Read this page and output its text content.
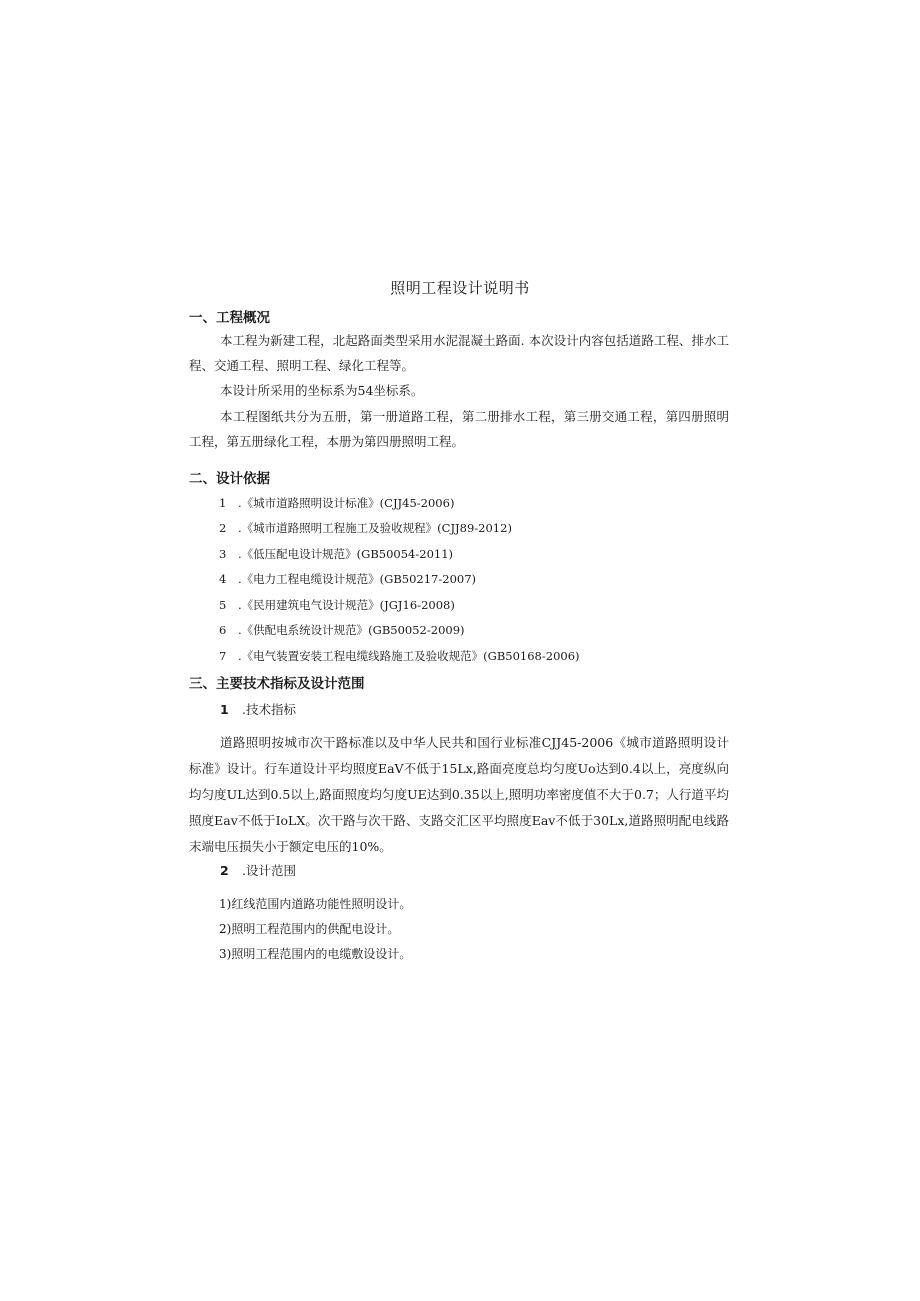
照明工程设计说明书
一、工程概况
本工程为新建工程，北起路面类型采用水泥混凝土路面. 本次设计内容包括道路工程、排水工程、交通工程、照明工程、绿化工程等。
本设计所采用的坐标系为54坐标系。
本工程图纸共分为五册，第一册道路工程，第二册排水工程，第三册交通工程，第四册照明工程，第五册绿化工程，本册为第四册照明工程。
二、设计依据
1 .《城市道路照明设计标准》(CJJ45-2006)
2 .《城市道路照明工程施工及验收规程》(CJJ89-2012)
3 .《低压配电设计规范》(GB50054-2011)
4 .《电力工程电缆设计规范》(GB50217-2007)
5 .《民用建筑电气设计规范》(JGJ16-2008)
6 .《供配电系统设计规范》(GB50052-2009)
7 .《电气装置安装工程电缆线路施工及验收规范》(GB50168-2006)
三、主要技术指标及设计范围
1 .技术指标
道路照明按城市次干路标准以及中华人民共和国行业标准CJJ45-2006《城市道路照明设计标准》设计。行车道设计平均照度EaV不低于15Lx,路面亮度总均匀度Uo达到0.4以上，亮度纵向均匀度UL达到0.5以上,路面照度均匀度UE达到0.35以上,照明功率密度值不大于0.7；人行道平均照度Eav不低于IoLX。次干路与次干路、支路交汇区平均照度Eav不低于30Lx,道路照明配电线路末端电压损失小于额定电压的10%。
2 .设计范围
1)红线范围内道路功能性照明设计。
2)照明工程范围内的供配电设计。
3)照明工程范围内的电缆敷设设计。
